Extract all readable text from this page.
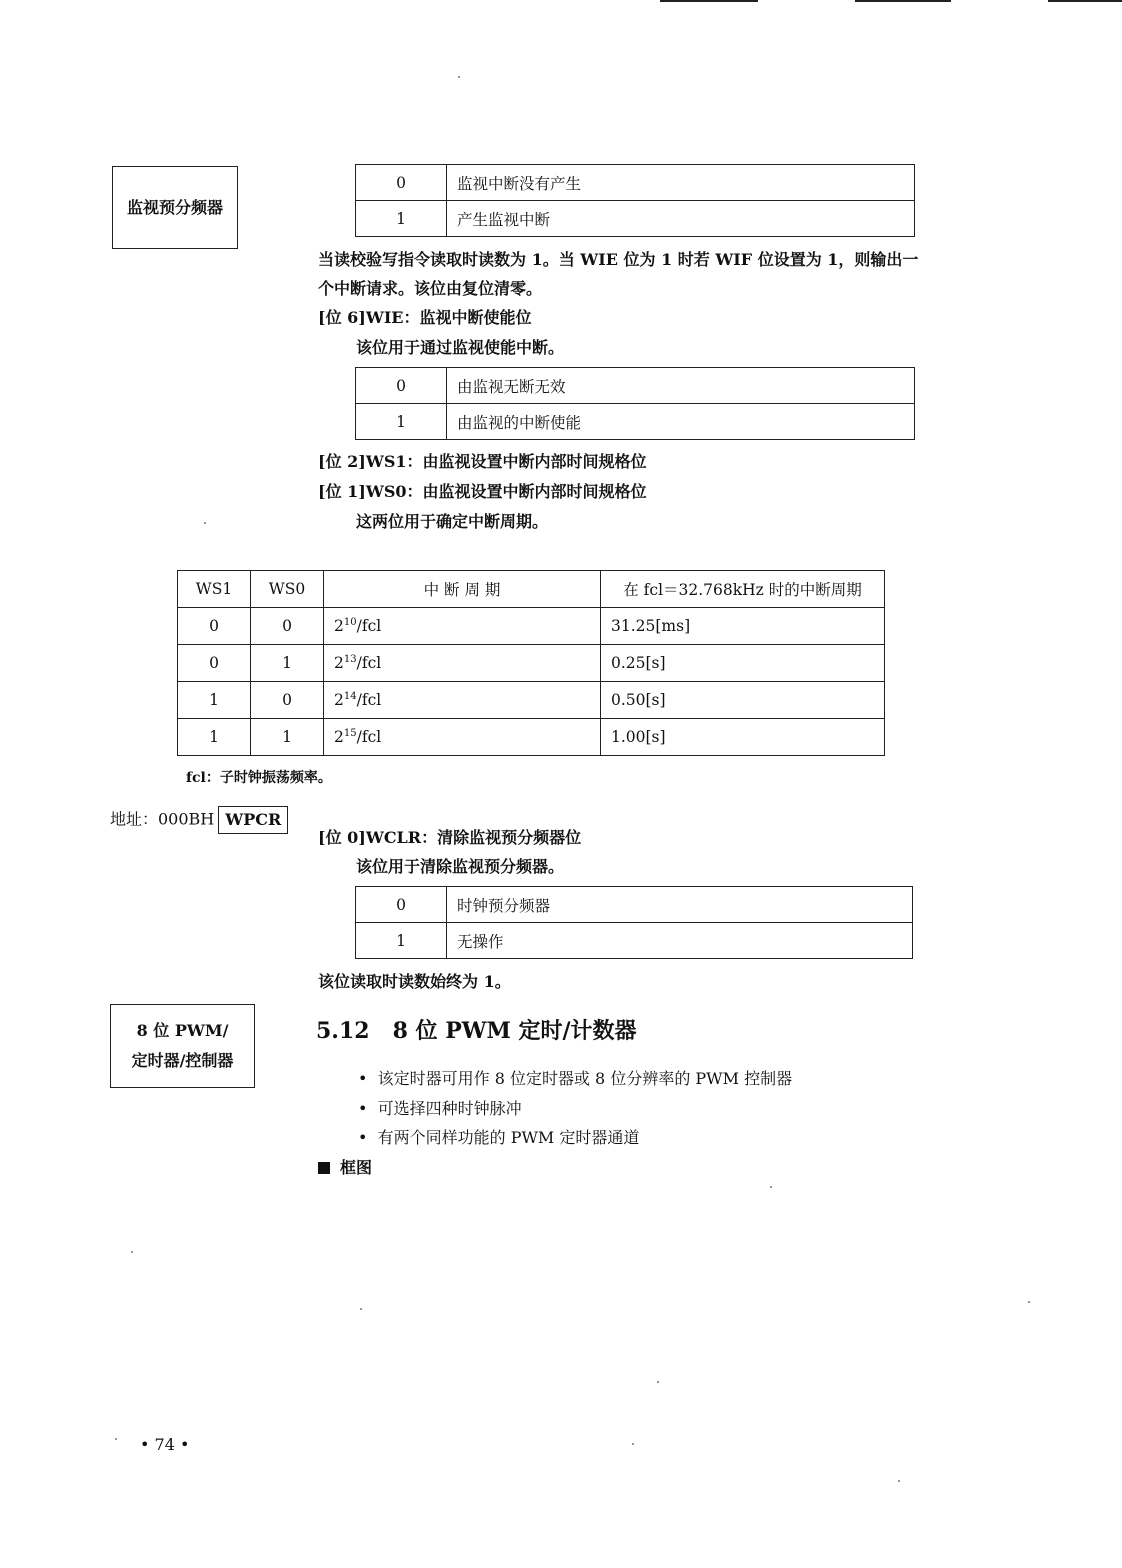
监视预分频器
0	监视中断没有产生
1	产生监视中断
当读校验写指令读取时读数为 1。当 WIE 位为 1 时若 WIF 位设置为 1，则输出一
个中断请求。该位由复位清零。
[位 6]WIE：监视中断使能位
该位用于通过监视使能中断。
0	由监视无断无效
1	由监视的中断使能
[位 2]WS1：由监视设置中断内部时间规格位
[位 1]WS0：由监视设置中断内部时间规格位
这两位用于确定中断周期。
WS1	WS0	中 断 周 期	在 fcl＝32.768kHz 时的中断周期
0	0	$2^{10}$/fcl	31.25[ms]
0	1	$2^{13}$/fcl	0.25[s]
1	0	$2^{14}$/fcl	0.50[s]
1	1	$2^{15}$/fcl	1.00[s]
fcl：子时钟振荡频率。
地址：000BH WPCR
[位 0]WCLR：清除监视预分频器位
该位用于清除监视预分频器。
0	时钟预分频器
1	无操作
该位读取时读数始终为 1。
8 位 PWM/
定时器/控制器
5.12 8 位 PWM 定时/计数器
•  该定时器可用作 8 位定时器或 8 位分辨率的 PWM 控制器
•  可选择四种时钟脉冲
•  有两个同样功能的 PWM 定时器通道
框图
• 74 •
